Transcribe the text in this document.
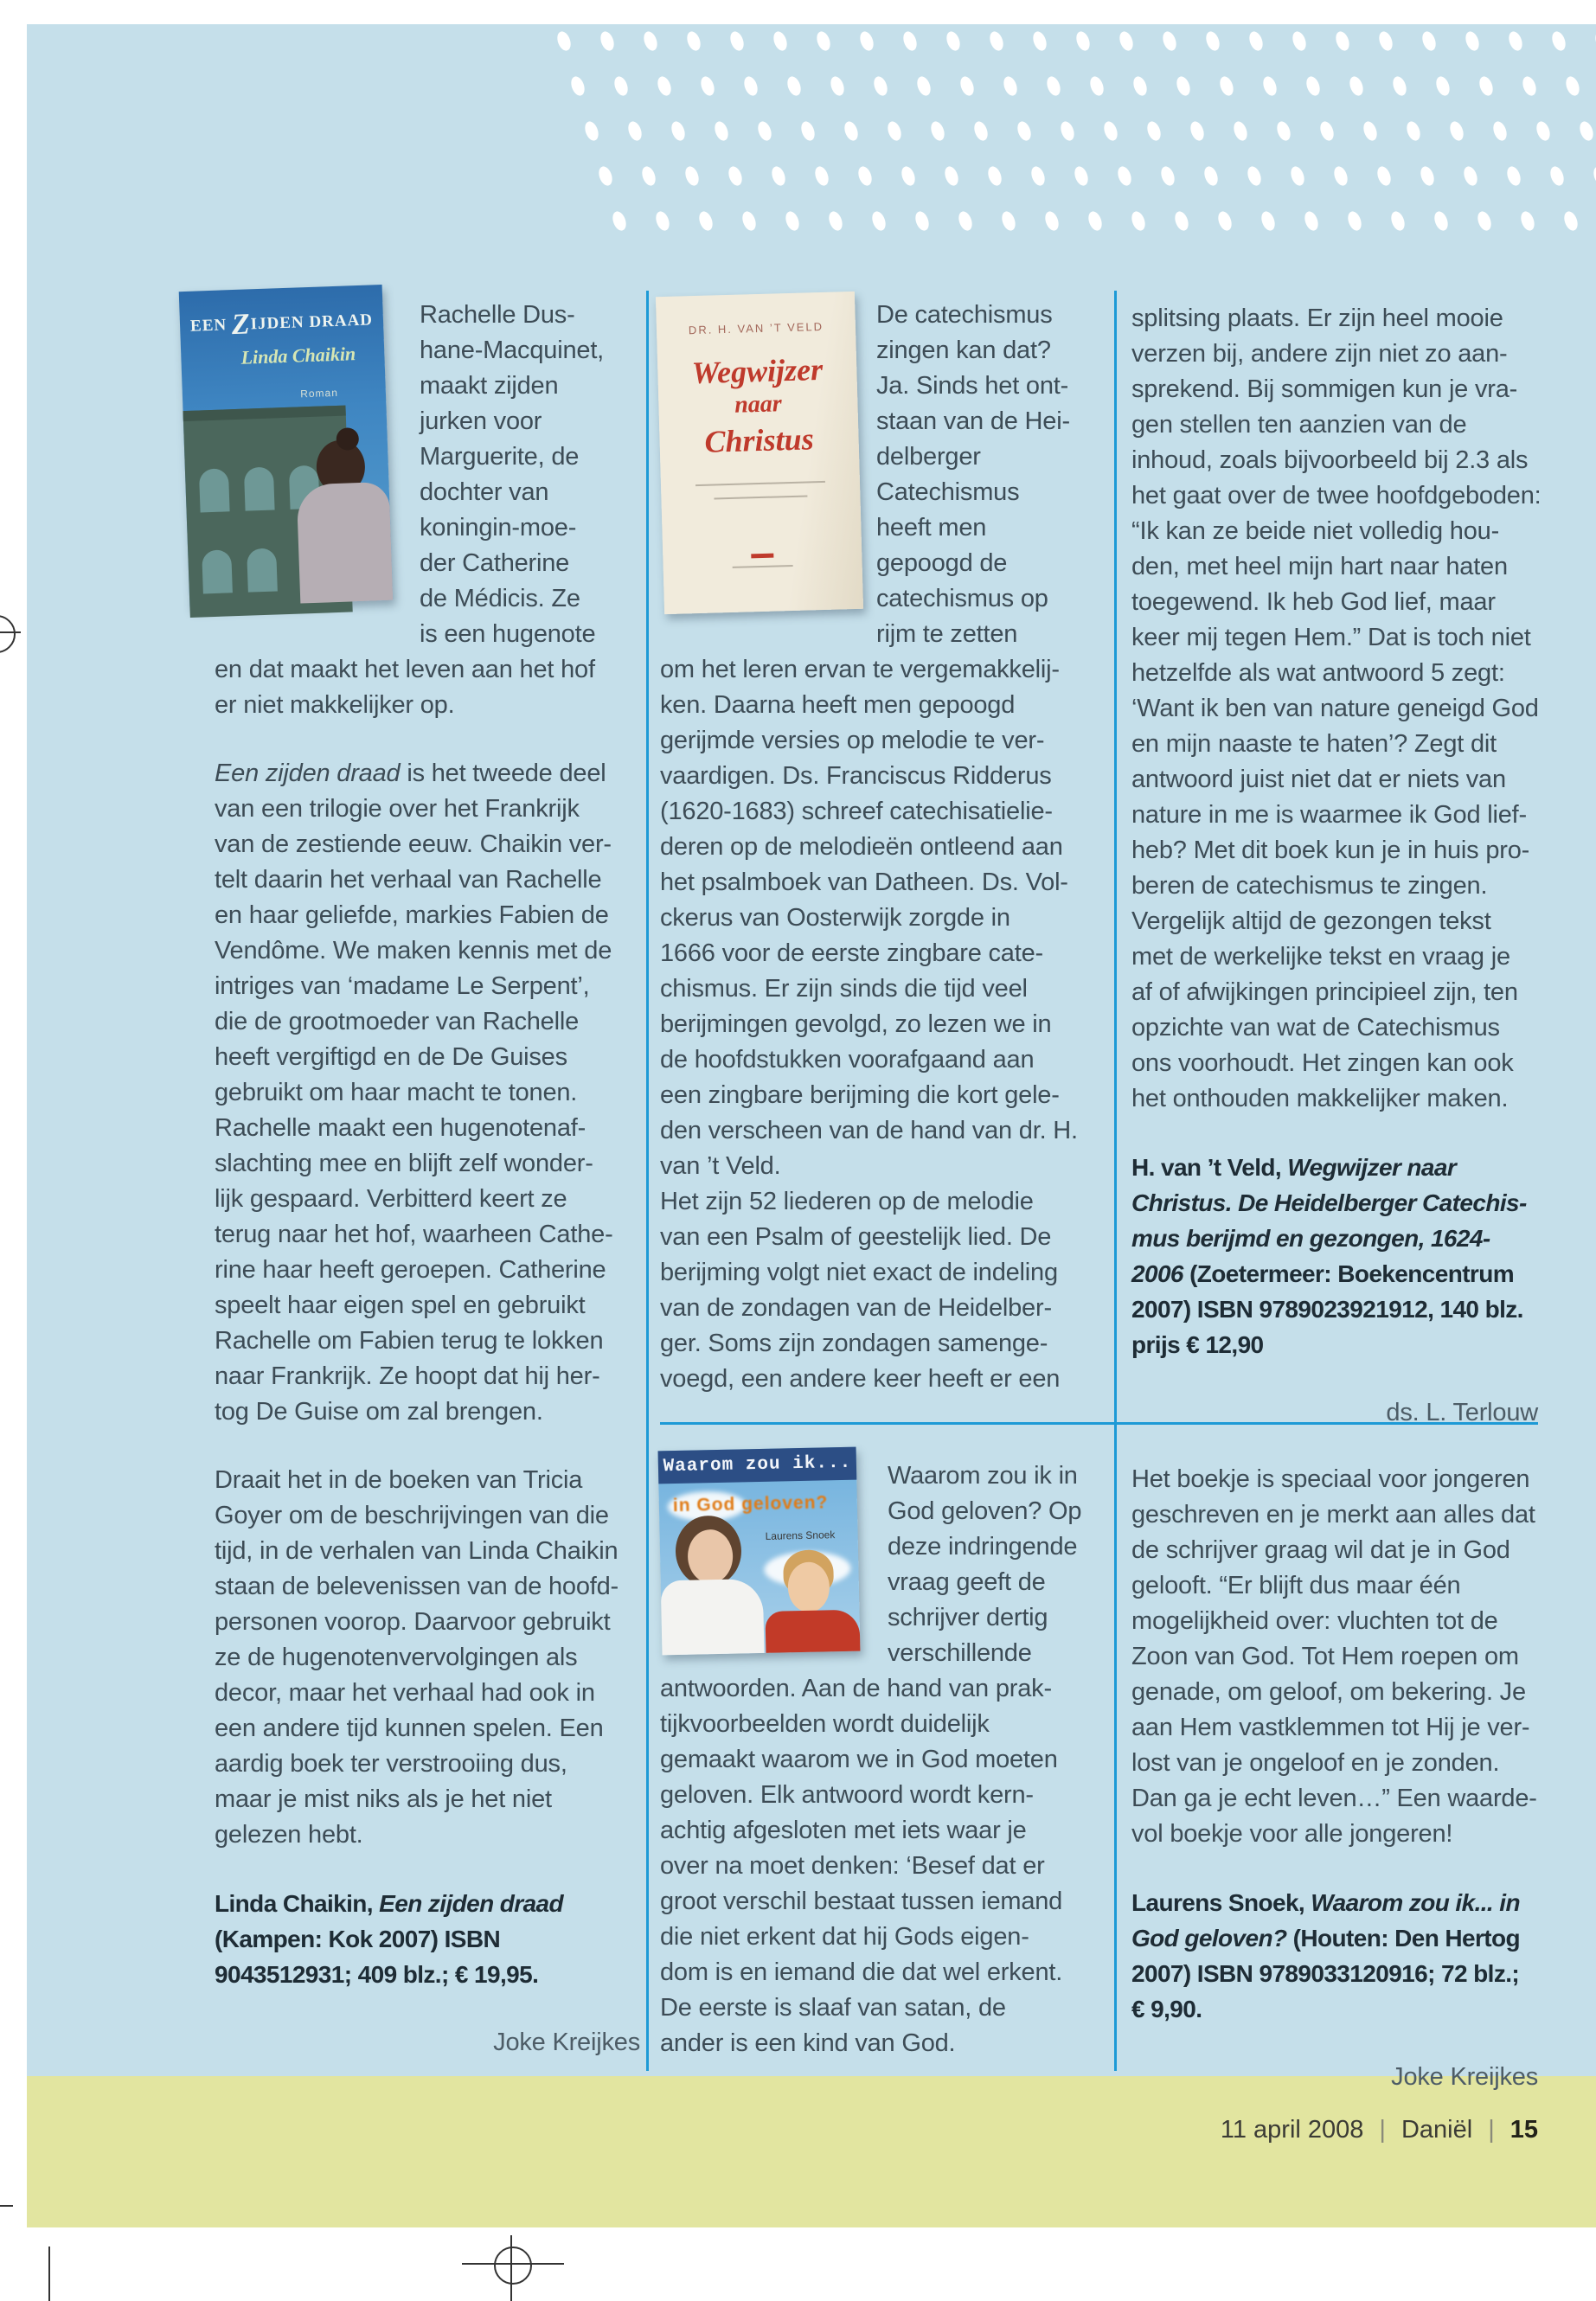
EEN ZIJDEN DRAAD
Linda Chaikin
Roman
DR. H. VAN ’T VELD
Wegwijzer
naar
Christus
Waarom zou ik...
in God geloven?
Laurens Snoek
Rachelle Dus-
hane-Macquinet,
maakt zijden
jurken voor
Marguerite, de
dochter van
koningin-moe-
der Catherine
de Médicis. Ze
is een hugenote
en dat maakt het leven aan het hof
er niet makkelijker op.
Een zijden draad is het tweede deel
van een trilogie over het Frankrijk
van de zestiende eeuw. Chaikin ver-
telt daarin het verhaal van Rachelle
en haar geliefde, markies Fabien de
Vendôme. We maken kennis met de
intriges van ‘madame Le Serpent’,
die de grootmoeder van Rachelle
heeft vergiftigd en de De Guises
gebruikt om haar macht te tonen.
Rachelle maakt een hugenotenaf-
slachting mee en blijft zelf wonder-
lijk gespaard. Verbitterd keert ze
terug naar het hof, waarheen Cathe-
rine haar heeft geroepen. Catherine
speelt haar eigen spel en gebruikt
Rachelle om Fabien terug te lokken
naar Frankrijk. Ze hoopt dat hij her-
tog De Guise om zal brengen.
Draait het in de boeken van Tricia
Goyer om de beschrijvingen van die
tijd, in de verhalen van Linda Chaikin
staan de belevenissen van de hoofd-
personen voorop. Daarvoor gebruikt
ze de hugenotenvervolgingen als
decor, maar het verhaal had ook in
een andere tijd kunnen spelen. Een
aardig boek ter verstrooiing dus,
maar je mist niks als je het niet
gelezen hebt.
Linda Chaikin, Een zijden draad
(Kampen: Kok 2007) ISBN
9043512931; 409 blz.; € 19,95.
Joke Kreijkes
De catechismus
zingen kan dat?
Ja. Sinds het ont-
staan van de Hei-
delberger
Catechismus
heeft men
gepoogd de
catechismus op
rijm te zetten
om het leren ervan te vergemakkelij-
ken. Daarna heeft men gepoogd
gerijmde versies op melodie te ver-
vaardigen. Ds. Franciscus Ridderus
(1620-1683) schreef catechisatielie-
deren op de melodieën ontleend aan
het psalmboek van Datheen. Ds. Vol-
ckerus van Oosterwijk zorgde in
1666 voor de eerste zingbare cate-
chismus. Er zijn sinds die tijd veel
berijmingen gevolgd, zo lezen we in
de hoofdstukken voorafgaand aan
een zingbare berijming die kort gele-
den verscheen van de hand van dr. H.
van ’t Veld.
Het zijn 52 liederen op de melodie
van een Psalm of geestelijk lied. De
berijming volgt niet exact de indeling
van de zondagen van de Heidelber-
ger. Soms zijn zondagen samenge-
voegd, een andere keer heeft er een
Waarom zou ik in
God geloven? Op
deze indringende
vraag geeft de
schrijver dertig
verschillende
antwoorden. Aan de hand van prak-
tijkvoorbeelden wordt duidelijk
gemaakt waarom we in God moeten
geloven. Elk antwoord wordt kern-
achtig afgesloten met iets waar je
over na moet denken: ‘Besef dat er
groot verschil bestaat tussen iemand
die niet erkent dat hij Gods eigen-
dom is en iemand die dat wel erkent.
De eerste is slaaf van satan, de
ander is een kind van God.
splitsing plaats. Er zijn heel mooie
verzen bij, andere zijn niet zo aan-
sprekend. Bij sommigen kun je vra-
gen stellen ten aanzien van de
inhoud, zoals bijvoorbeeld bij 2.3 als
het gaat over de twee hoofdgeboden:
“Ik kan ze beide niet volledig hou-
den, met heel mijn hart naar haten
toegewend. Ik heb God lief, maar
keer mij tegen Hem.” Dat is toch niet
hetzelfde als wat antwoord 5 zegt:
‘Want ik ben van nature geneigd God
en mijn naaste te haten’? Zegt dit
antwoord juist niet dat er niets van
nature in me is waarmee ik God lief-
heb? Met dit boek kun je in huis pro-
beren de catechismus te zingen.
Vergelijk altijd de gezongen tekst
met de werkelijke tekst en vraag je
af of afwijkingen principieel zijn, ten
opzichte van wat de Catechismus
ons voorhoudt. Het zingen kan ook
het onthouden makkelijker maken.
H. van ’t Veld, Wegwijzer naar
Christus. De Heidelberger Catechis-
mus berijmd en gezongen, 1624-
2006 (Zoetermeer: Boekencentrum
2007) ISBN 9789023921912, 140 blz.
prijs € 12,90
ds. L. Terlouw
Het boekje is speciaal voor jongeren
geschreven en je merkt aan alles dat
de schrijver graag wil dat je in God
gelooft. “Er blijft dus maar één
mogelijkheid over: vluchten tot de
Zoon van God. Tot Hem roepen om
genade, om geloof, om bekering. Je
aan Hem vastklemmen tot Hij je ver-
lost van je ongeloof en je zonden.
Dan ga je echt leven…” Een waarde-
vol boekje voor alle jongeren!
Laurens Snoek, Waarom zou ik... in
God geloven? (Houten: Den Hertog
2007) ISBN 9789033120916; 72 blz.;
€ 9,90.
Joke Kreijkes
11 april 2008 | Daniël | 15
